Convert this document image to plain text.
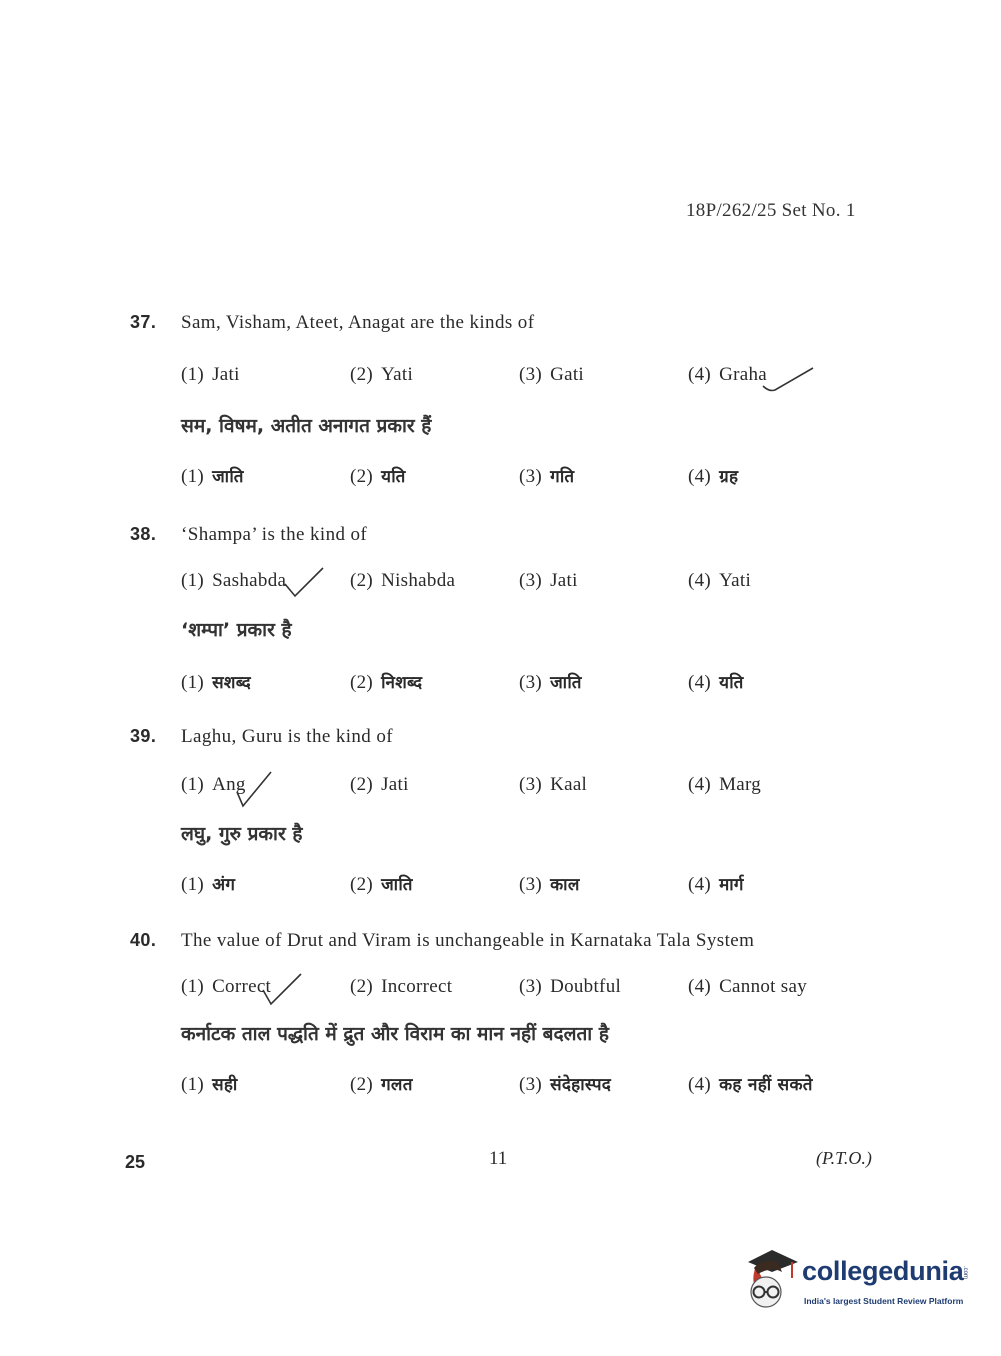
18P/262/25 Set No. 1
37. Sam, Visham, Ateet, Anagat are the kinds of
(1) Jati	(2) Yati	(3) Gati	(4) Graha
सम, विषम, अतीत अनागत प्रकार हैं
(1) जाति	(2) यति	(3) गति	(4) ग्रह
38. ‘Shampa’ is the kind of
(1) Sashabda	(2) Nishabda	(3) Jati	(4) Yati
‘शम्पा’ प्रकार है
(1) सशब्द	(2) निशब्द	(3) जाति	(4) यति
39. Laghu, Guru is the kind of
(1) Ang	(2) Jati	(3) Kaal	(4) Marg
लघु, गुरु प्रकार है
(1) अंग	(2) जाति	(3) काल	(4) मार्ग
40. The value of Drut and Viram is unchangeable in Karnataka Tala System
(1) Correct	(2) Incorrect	(3) Doubtful	(4) Cannot say
कर्नाटक ताल पद्धति में द्रुत और विराम का मान नहीं बदलता है
(1) सही	(2) गलत	(3) संदेहास्पद	(4) कह नहीं सकते
25	11	(P.T.O.)
collegedunia
.com
India's largest Student Review Platform
